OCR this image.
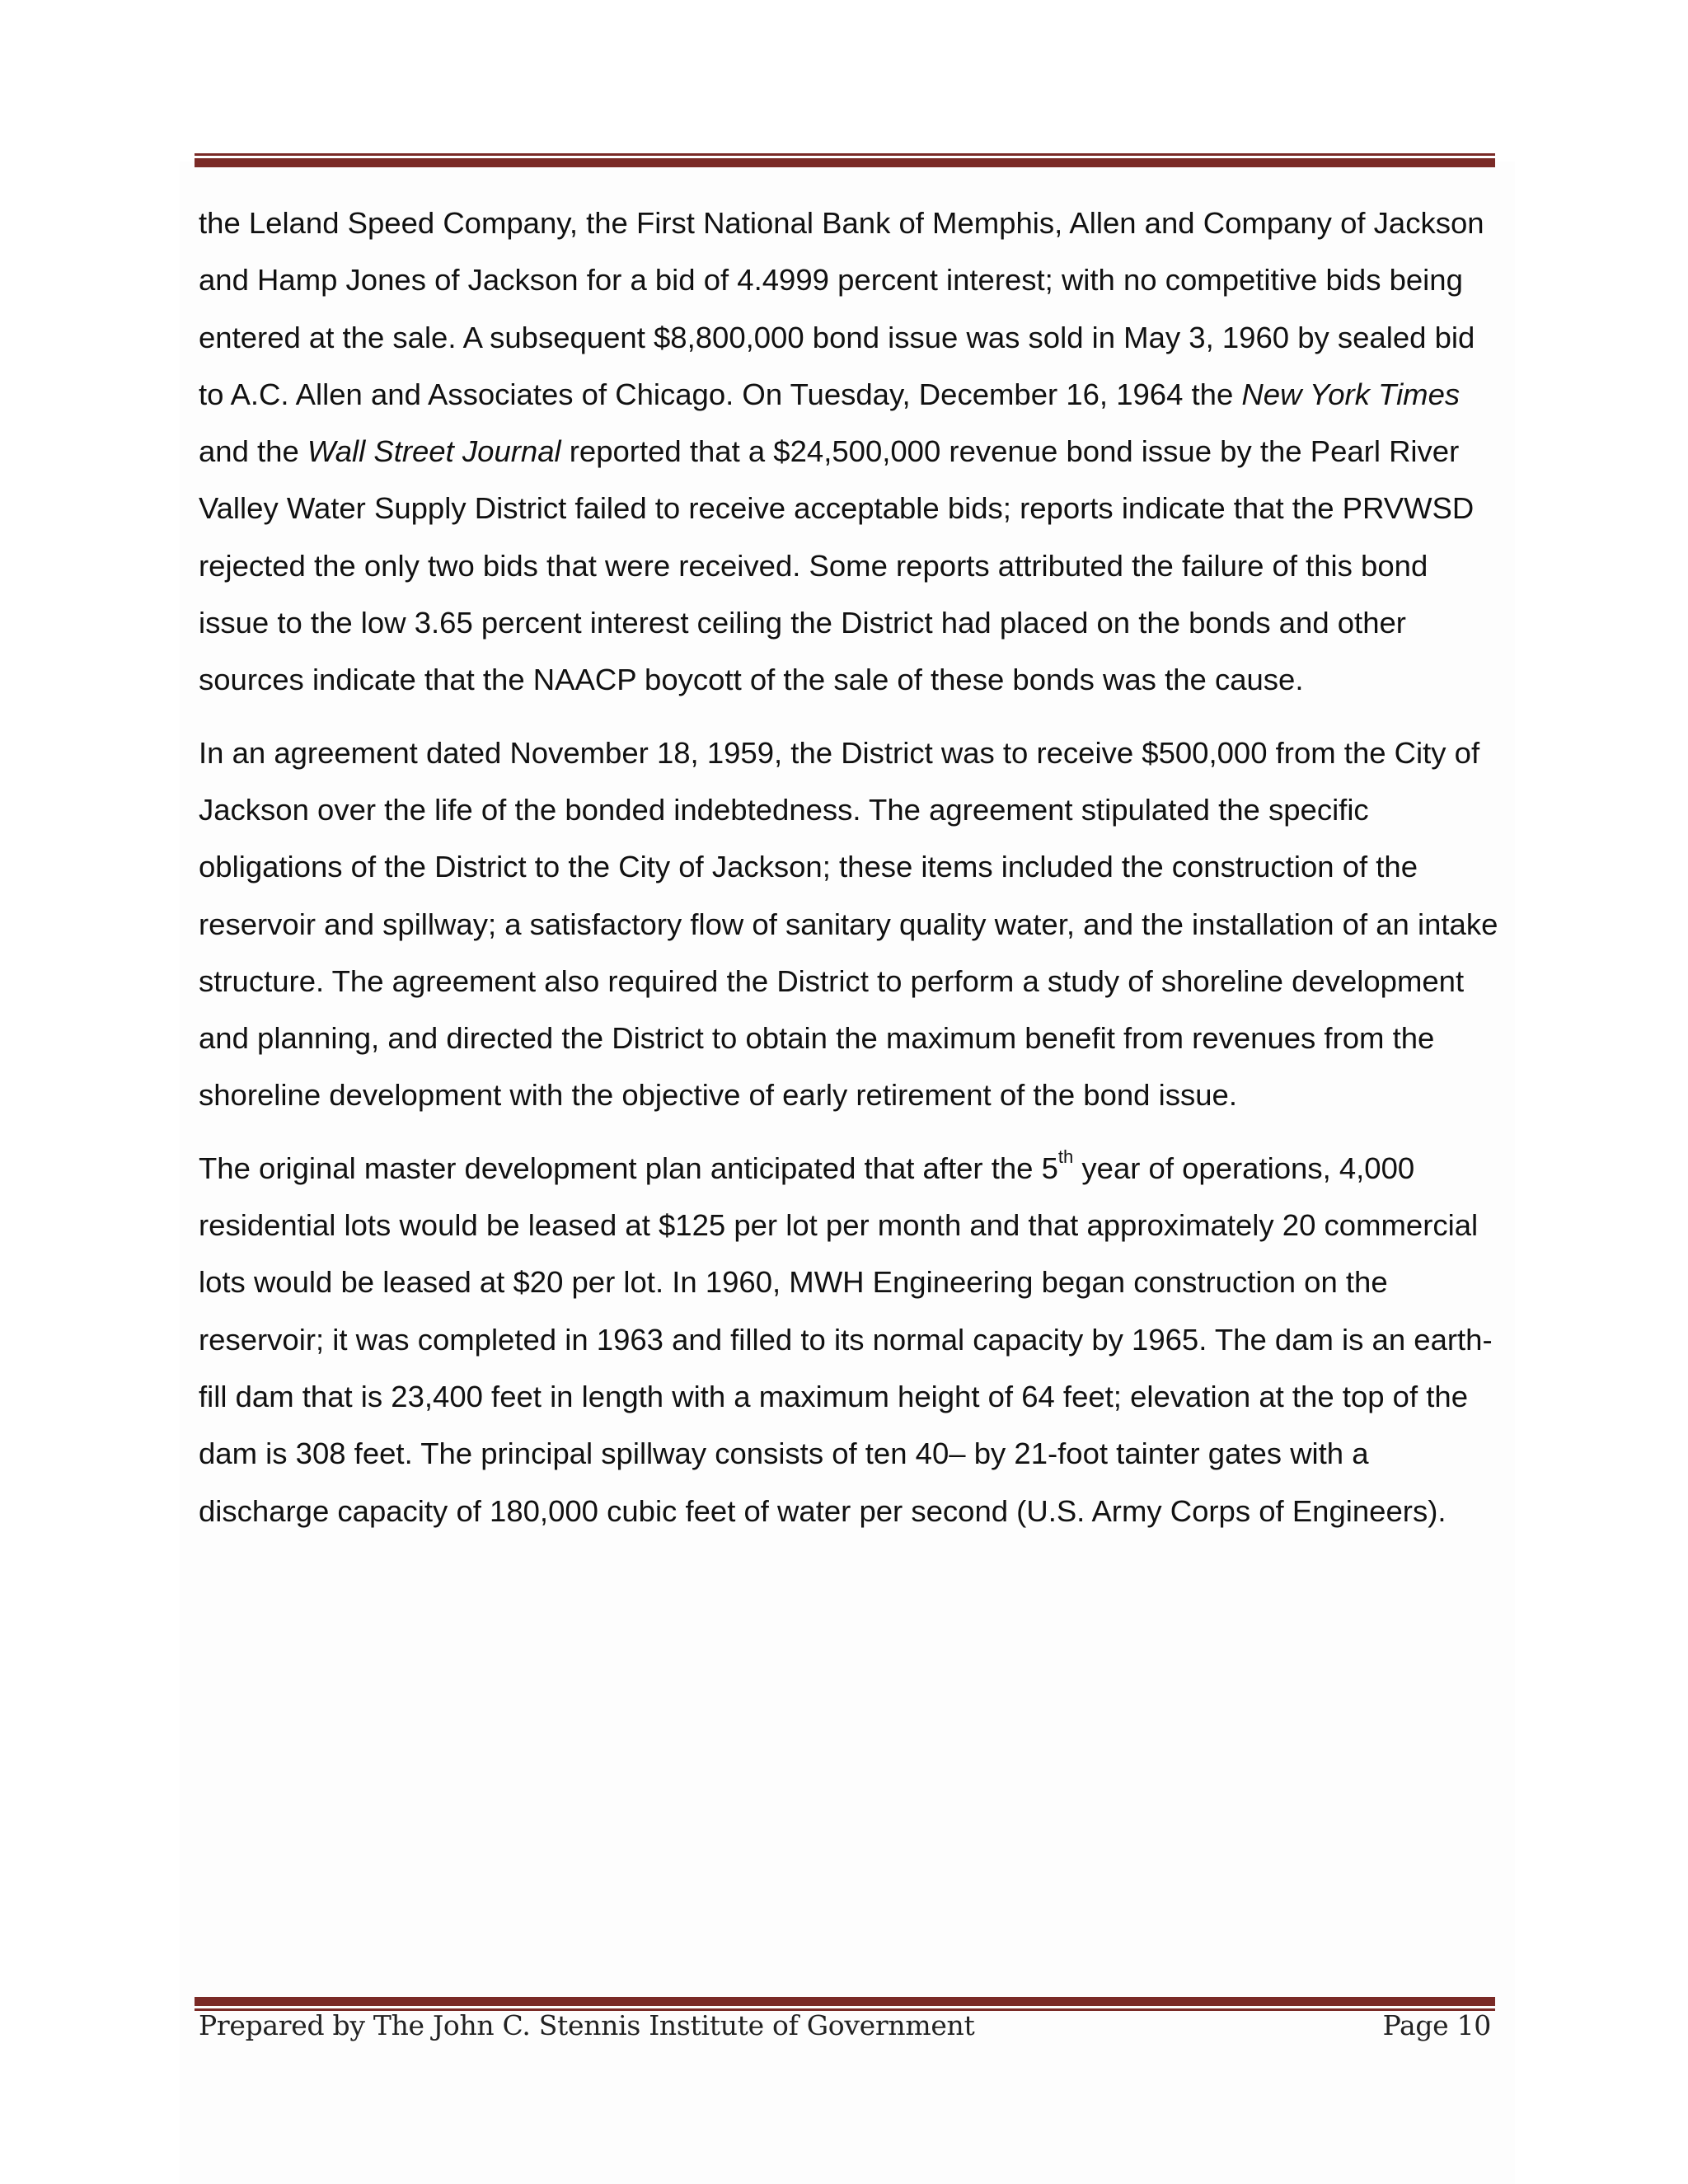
the Leland Speed Company, the First National Bank of Memphis, Allen and Company of Jackson and Hamp Jones of Jackson for a bid of 4.4999 percent interest; with no competitive bids being entered at the sale. A subsequent $8,800,000 bond issue was sold in May 3, 1960 by sealed bid to A.C. Allen and Associates of Chicago. On Tuesday, December 16, 1964 the New York Times and the Wall Street Journal reported that a $24,500,000 revenue bond issue by the Pearl River Valley Water Supply District failed to receive acceptable bids; reports indicate that the PRVWSD rejected the only two bids that were received. Some reports attributed the failure of this bond issue to the low 3.65 percent interest ceiling the District had placed on the bonds and other sources indicate that the NAACP boycott of the sale of these bonds was the cause.

In an agreement dated November 18, 1959, the District was to receive $500,000 from the City of Jackson over the life of the bonded indebtedness. The agreement stipulated the specific obligations of the District to the City of Jackson; these items included the construction of the reservoir and spillway; a satisfactory flow of sanitary quality water, and the installation of an intake structure. The agreement also required the District to perform a study of shoreline development and planning, and directed the District to obtain the maximum benefit from revenues from the shoreline development with the objective of early retirement of the bond issue.

The original master development plan anticipated that after the 5th year of operations, 4,000 residential lots would be leased at $125 per lot per month and that approximately 20 commercial lots would be leased at $20 per lot. In 1960, MWH Engineering began construction on the reservoir; it was completed in 1963 and filled to its normal capacity by 1965. The dam is an earth-fill dam that is 23,400 feet in length with a maximum height of 64 feet; elevation at the top of the dam is 308 feet. The principal spillway consists of ten 40– by 21-foot tainter gates with a discharge capacity of 180,000 cubic feet of water per second (U.S. Army Corps of Engineers).

Prepared by The John C. Stennis Institute of Government	Page 10
